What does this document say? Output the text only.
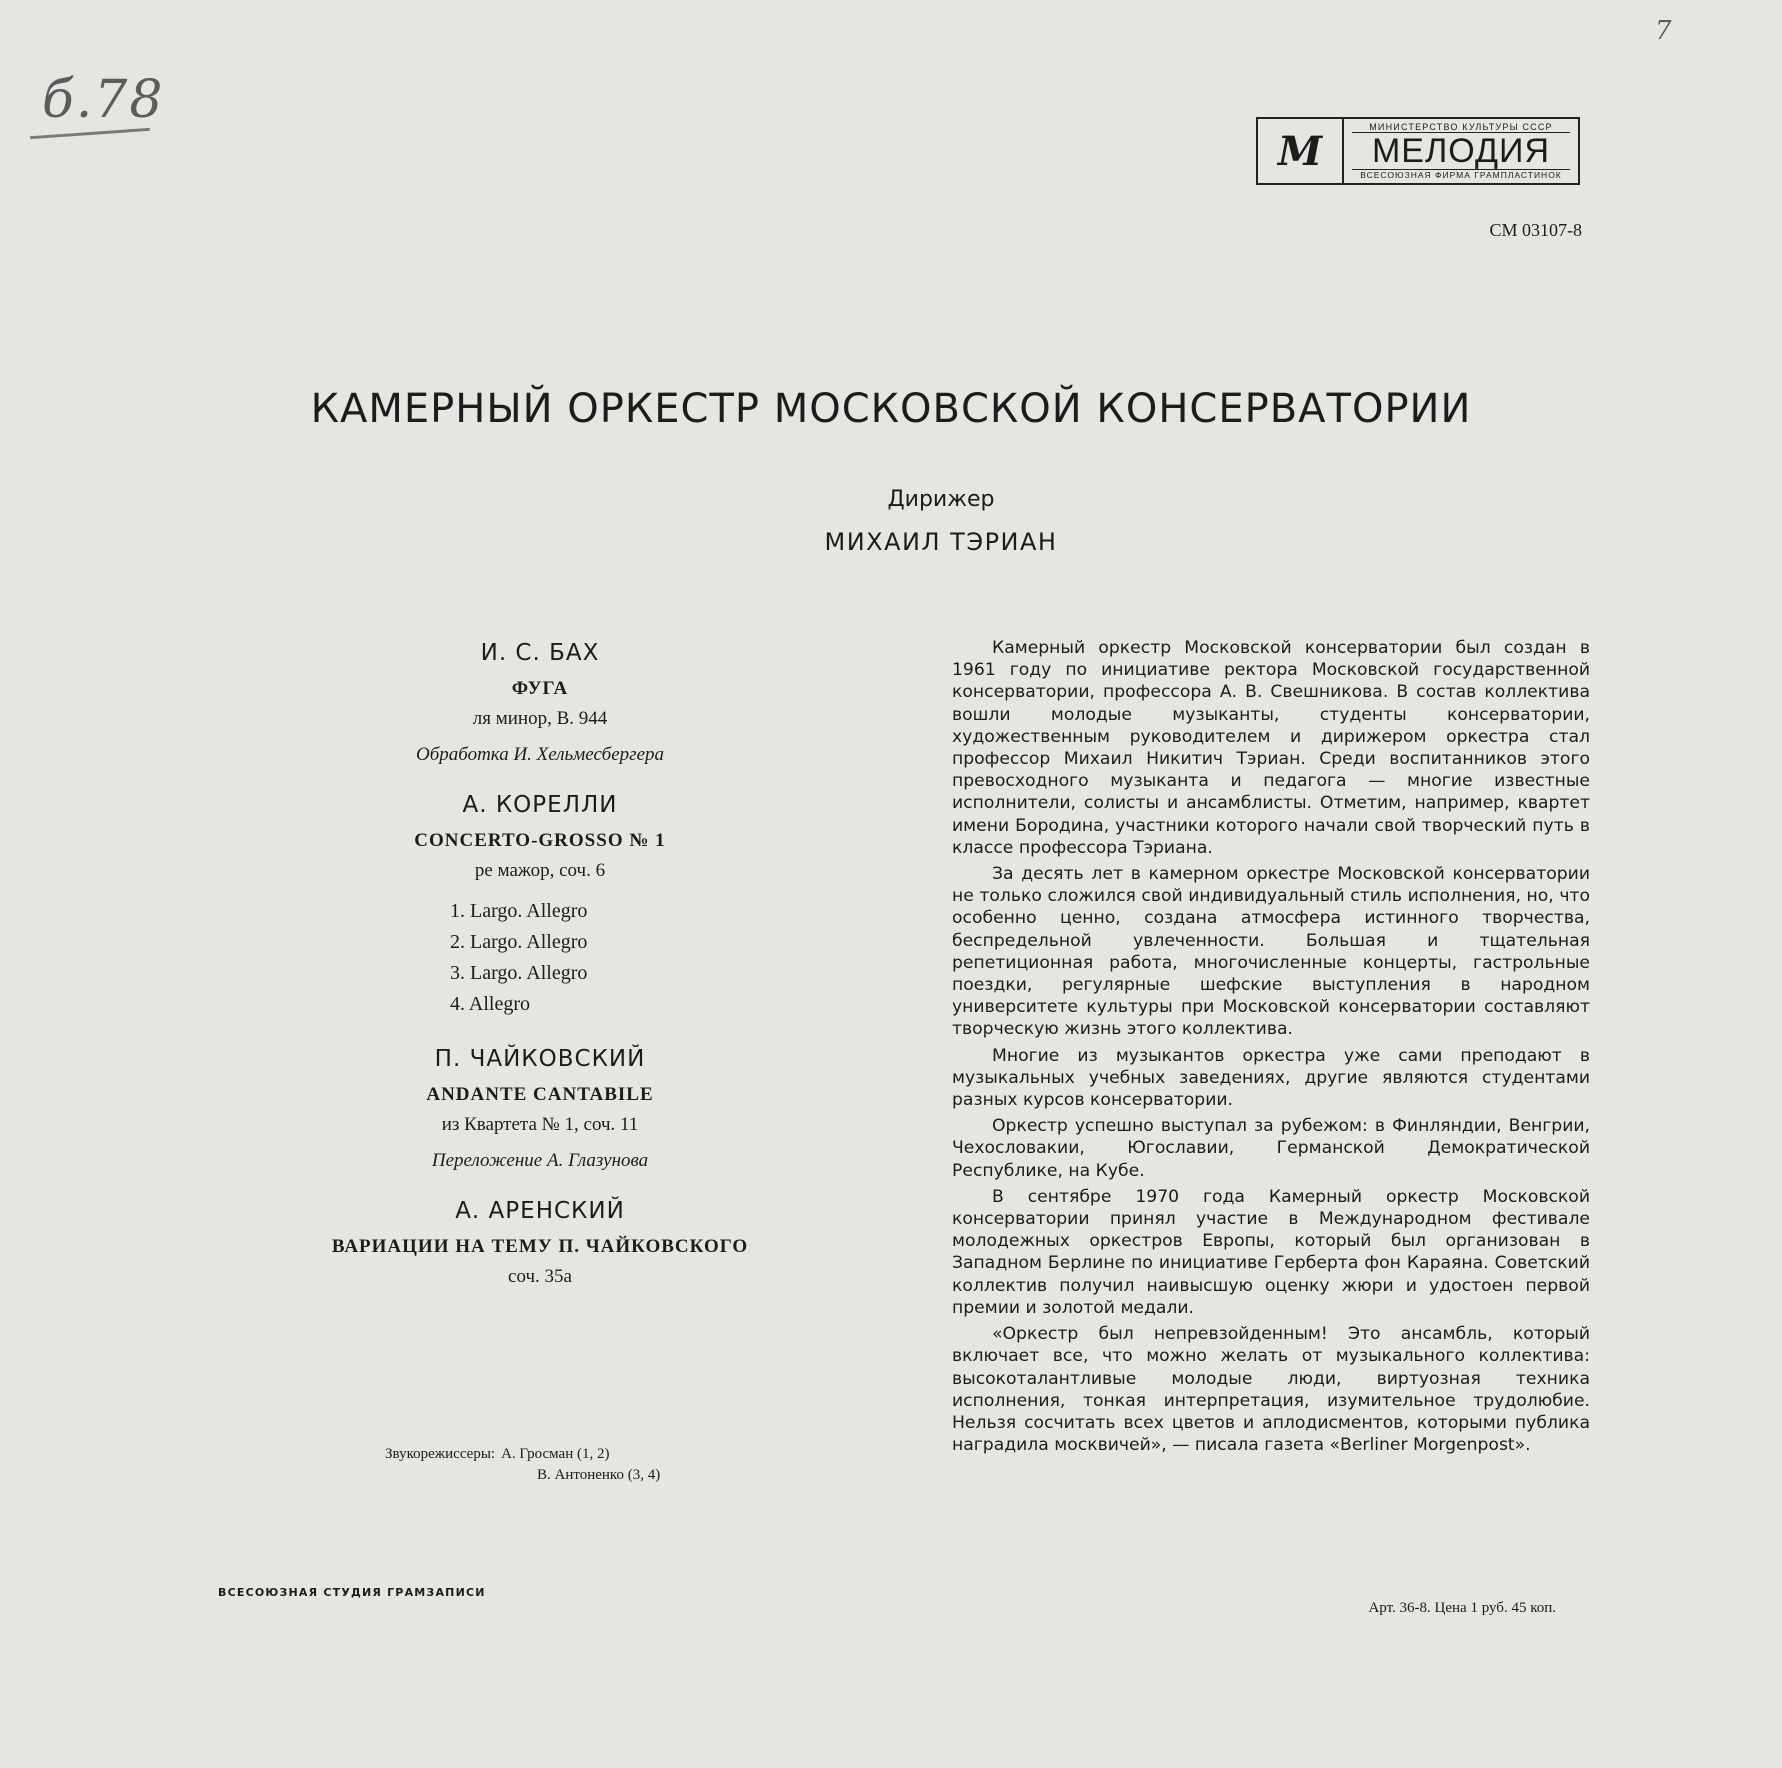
б.78
7
М
МИНИСТЕРСТВО КУЛЬТУРЫ СССР
МЕЛОДИЯ
ВСЕСОЮЗНАЯ ФИРМА ГРАМПЛАСТИНОК
СМ 03107-8
КАМЕРНЫЙ ОРКЕСТР МОСКОВСКОЙ КОНСЕРВАТОРИИ
Дирижер
МИХАИЛ ТЭРИАН
И. С. БАХ
ФУГА
ля минор, В. 944
Обработка И. Хельмесбергера
А. КОРЕЛЛИ
CONCERTO-GROSSO № 1
ре мажор, соч. 6
1. Largo. Allegro
2. Largo. Allegro
3. Largo. Allegro
4. Allegro
П. ЧАЙКОВСКИЙ
ANDANTE CANTABILE
из Квартета № 1, соч. 11
Переложение А. Глазунова
А. АРЕНСКИЙ
ВАРИАЦИИ НА ТЕМУ П. ЧАЙКОВСКОГО
соч. 35а
Звукорежиссеры: А. Гросман (1, 2)
В. Антоненко (3, 4)
ВСЕСОЮЗНАЯ СТУДИЯ ГРАМЗАПИСИ
Арт. 36-8. Цена 1 руб. 45 коп.

Камерный оркестр Московской консерватории был создан в 1961 году по инициативе ректора Московской государственной консерватории, профессора А. В. Свешникова. В состав коллектива вошли молодые музыканты, студенты консерватории, художественным руководителем и дирижером оркестра стал профессор Михаил Никитич Тэриан. Среди воспитанников этого превосходного музыканта и педагога — многие известные исполнители, солисты и ансамблисты. Отметим, например, квартет имени Бородина, участники которого начали свой творческий путь в классе профессора Тэриана.

За десять лет в камерном оркестре Московской консерватории не только сложился свой индивидуальный стиль исполнения, но, что особенно ценно, создана атмосфера истинного творчества, беспредельной увлеченности. Большая и тщательная репетиционная работа, многочисленные концерты, гастрольные поездки, регулярные шефские выступления в народном университете культуры при Московской консерватории составляют творческую жизнь этого коллектива.

Многие из музыкантов оркестра уже сами преподают в музыкальных учебных заведениях, другие являются студентами разных курсов консерватории.

Оркестр успешно выступал за рубежом: в Финляндии, Венгрии, Чехословакии, Югославии, Германской Демократической Республике, на Кубе.

В сентябре 1970 года Камерный оркестр Московской консерватории принял участие в Международном фестивале молодежных оркестров Европы, который был организован в Западном Берлине по инициативе Герберта фон Караяна. Советский коллектив получил наивысшую оценку жюри и удостоен первой премии и золотой медали.

«Оркестр был непревзойденным! Это ансамбль, который включает все, что можно желать от музыкального коллектива: высокоталантливые молодые люди, виртуозная техника исполнения, тонкая интерпретация, изумительное трудолюбие. Нельзя сосчитать всех цветов и аплодисментов, которыми публика наградила москвичей», — писала газета «Berliner Morgenpost».
